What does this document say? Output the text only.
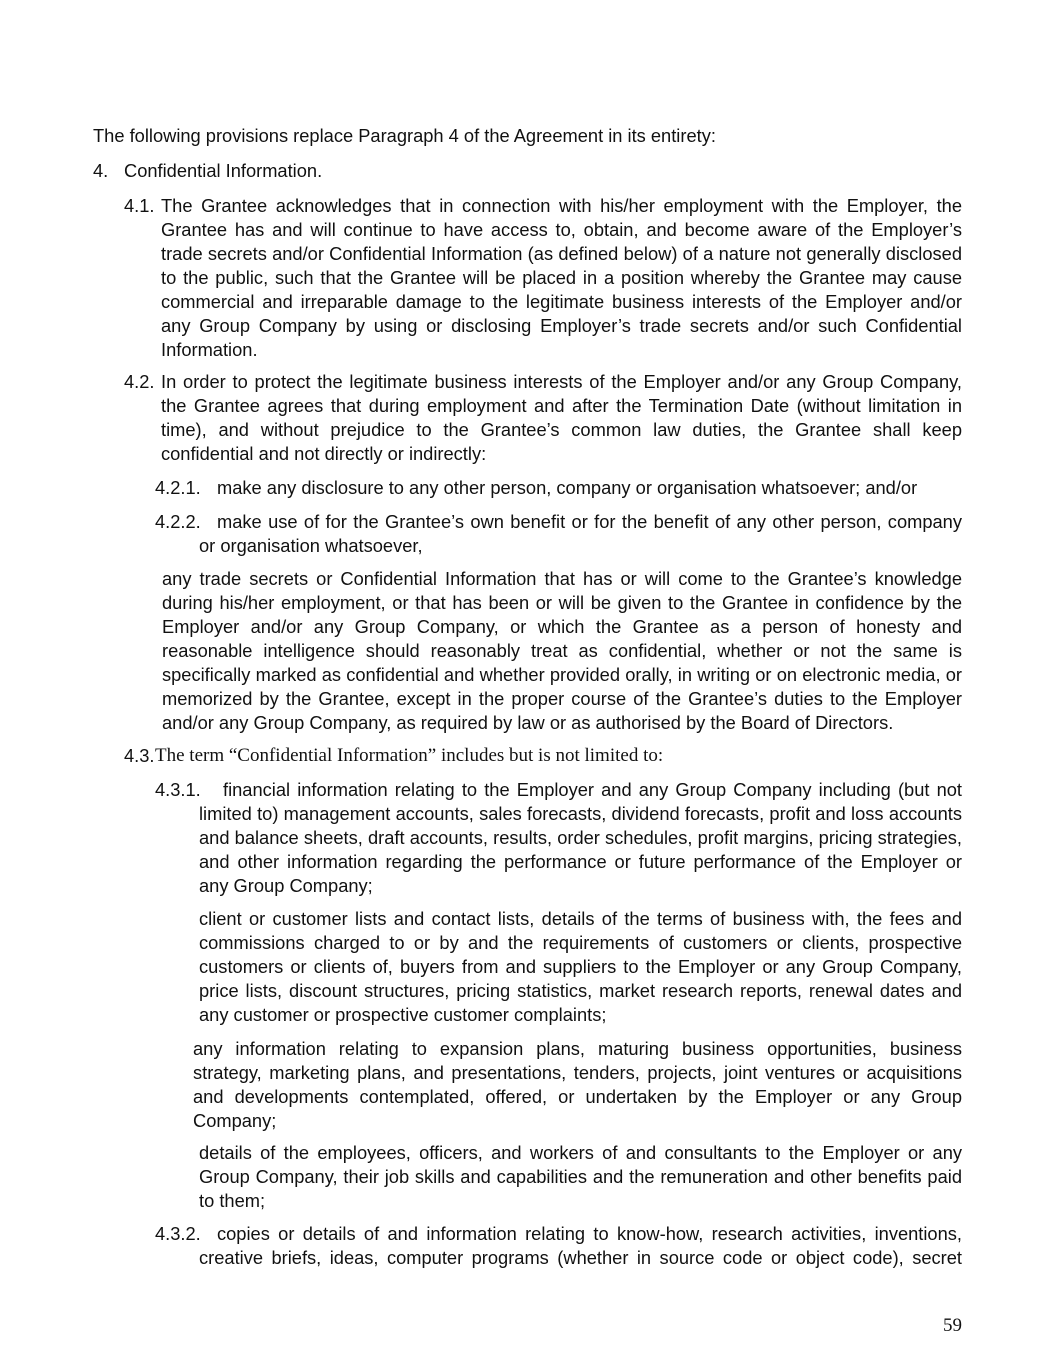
The following provisions replace Paragraph 4 of the Agreement in its entirety:
4. Confidential Information.
4.1. The Grantee acknowledges that in connection with his/her employment with the Employer, the Grantee has and will continue to have access to, obtain, and become aware of the Employer’s trade secrets and/or Confidential Information (as defined below) of a nature not generally disclosed to the public, such that the Grantee will be placed in a position whereby the Grantee may cause commercial and irreparable damage to the legitimate business interests of the Employer and/or any Group Company by using or disclosing Employer’s trade secrets and/or such Confidential Information.
4.2. In order to protect the legitimate business interests of the Employer and/or any Group Company, the Grantee agrees that during employment and after the Termination Date (without limitation in time), and without prejudice to the Grantee’s common law duties, the Grantee shall keep confidential and not directly or indirectly:
4.2.1. make any disclosure to any other person, company or organisation whatsoever; and/or
4.2.2. make use of for the Grantee’s own benefit or for the benefit of any other person, company or organisation whatsoever,
any trade secrets or Confidential Information that has or will come to the Grantee’s knowledge during his/her employment, or that has been or will be given to the Grantee in confidence by the Employer and/or any Group Company, or which the Grantee as a person of honesty and reasonable intelligence should reasonably treat as confidential, whether or not the same is specifically marked as confidential and whether provided orally, in writing or on electronic media, or memorized by the Grantee, except in the proper course of the Grantee’s duties to the Employer and/or any Group Company, as required by law or as authorised by the Board of Directors.
4.3. The term “Confidential Information” includes but is not limited to:
4.3.1.	financial information relating to the Employer and any Group Company including (but not limited to) management accounts, sales forecasts, dividend forecasts, profit and loss accounts and balance sheets, draft accounts, results, order schedules, profit margins, pricing strategies, and other information regarding the performance or future performance of the Employer or any Group Company;
client or customer lists and contact lists, details of the terms of business with, the fees and commissions charged to or by and the requirements of customers or clients, prospective customers or clients of, buyers from and suppliers to the Employer or any Group Company, price lists, discount structures, pricing statistics, market research reports, renewal dates and any customer or prospective customer complaints;
any information relating to expansion plans, maturing business opportunities, business strategy, marketing plans, and presentations, tenders, projects, joint ventures or acquisitions and developments contemplated, offered, or undertaken by the Employer or any Group Company;
details of the employees, officers, and workers of and consultants to the Employer or any Group Company, their job skills and capabilities and the remuneration and other benefits paid to them;
4.3.2. copies or details of and information relating to know-how, research activities, inventions, creative briefs, ideas, computer programs (whether in source code or object code), secret
59
